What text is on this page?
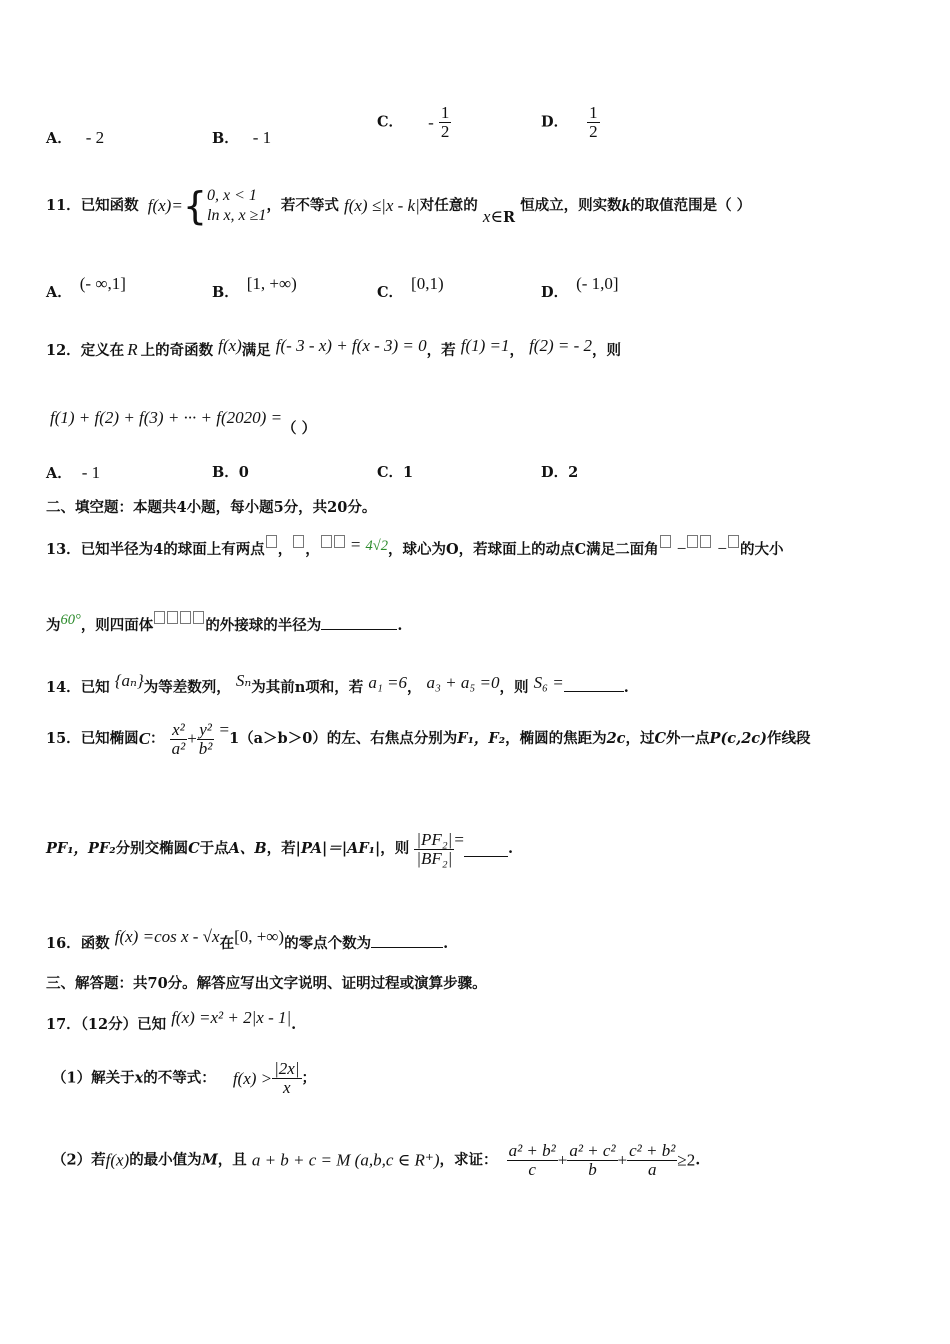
A． - 2	B． - 1
C． - $\frac{1}{2}$	D． $\frac{1}{2}$
11．已知函数 f(x)={ 0, x < 1
ln x, x ≥1
，若不等式 f(x) ≤|x - k|对任意的 x∈R 恒成立，则实数k的取值范围是（ ）
A． (- ∞,1]	B． [1, +∞)	C． [0,1)	D． (- 1,0]
12．定义在 R 上的奇函数 f(x)满足 f(- 3 - x) + f(x - 3) = 0，若 f(1) =1， f(2) = - 2，则
f(1) + f(2) + f(3) + ··· + f(2020) =（ ）
A． - 1	B．0	C．1	D．2
二、填空题：本题共4小题，每小题5分，共20分。
13．已知半径为4的球面上有两点 ， ， = 4√2，球心为O，若球面上的动点C满足二面角 − − 的大小
为60°，则四面体	的外接球的半径为	.
14．已知 {aₙ}为等差数列， Sₙ为其前n项和，若 a₁ =6， a₃ + a₅ =0，则 S₆ =	.
15．已知椭圆C： $\frac{\text{x²}}{\text{a²}} + \frac{\text{y²}}{\text{b²}} =1(a>b>0)$的左、右焦点分别为F₁，F₂，椭圆的焦距为2c，过C外一点P(c,2c)作线段
PF₁，PF₂分别交椭圆C于点A、B，若|PA|＝|AF₁|，则 $\frac{\text{|PF₂|}}{\text{|BF₂|}}$ =	.
16．函数 f(x) =cos x - √x在[0, +∞)的零点个数为	.
三、解答题：共70分。解答应写出文字说明、证明过程或演算步骤。
17．（12分）已知 f(x) =x² + 2|x - 1|.
（1）解关于x的不等式： $f(x) > \frac{|2x|}{x}$ ；
（2）若f(x)的最小值为M，且 a + b + c = M (a,b,c ∈ R⁺)，求证： $\frac{\text{a² + b²}}{c} + \frac{\text{a² + c²}}{b} + \frac{\text{c² + b²}}{a} \ge 2$.
